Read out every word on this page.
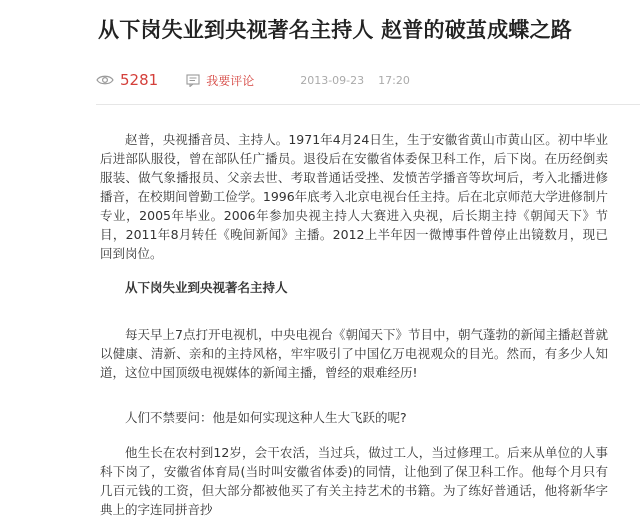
从下岗失业到央视著名主持人 赵普的破茧成蝶之路
5281	我要评论	2013-09-23 17:20

赵普，央视播音员、主持人。1971年4月24日生，生于安徽省黄山市黄山区。初中毕业后进部队服役，曾在部队任广播员。退役后在安徽省体委保卫科工作，后下岗。在历经倒卖服装、做气象播报员、父亲去世、考取普通话受挫、发愤苦学播音等坎坷后，考入北播进修播音，在校期间曾勤工俭学。1996年底考入北京电视台任主持。后在北京师范大学进修制片专业，2005年毕业。2006年参加央视主持人大赛进入央视，后长期主持《朝闻天下》节目，2011年8月转任《晚间新闻》主播。2012上半年因一微博事件曾停止出镜数月，现已回到岗位。

从下岗失业到央视著名主持人

每天早上7点打开电视机，中央电视台《朝闻天下》节目中，朝气蓬勃的新闻主播赵普就以健康、清新、亲和的主持风格，牢牢吸引了中国亿万电视观众的目光。然而，有多少人知道，这位中国顶级电视媒体的新闻主播，曾经的艰难经历!

人们不禁要问：他是如何实现这种人生大飞跃的呢?

他生长在农村到12岁，会干农活，当过兵，做过工人，当过修理工。后来从单位的人事科下岗了，安徽省体育局(当时叫安徽省体委)的同情，让他到了保卫科工作。他每个月只有几百元钱的工资，但大部分都被他买了有关主持艺术的书籍。为了练好普通话，他将新华字典上的字连同拼音抄
